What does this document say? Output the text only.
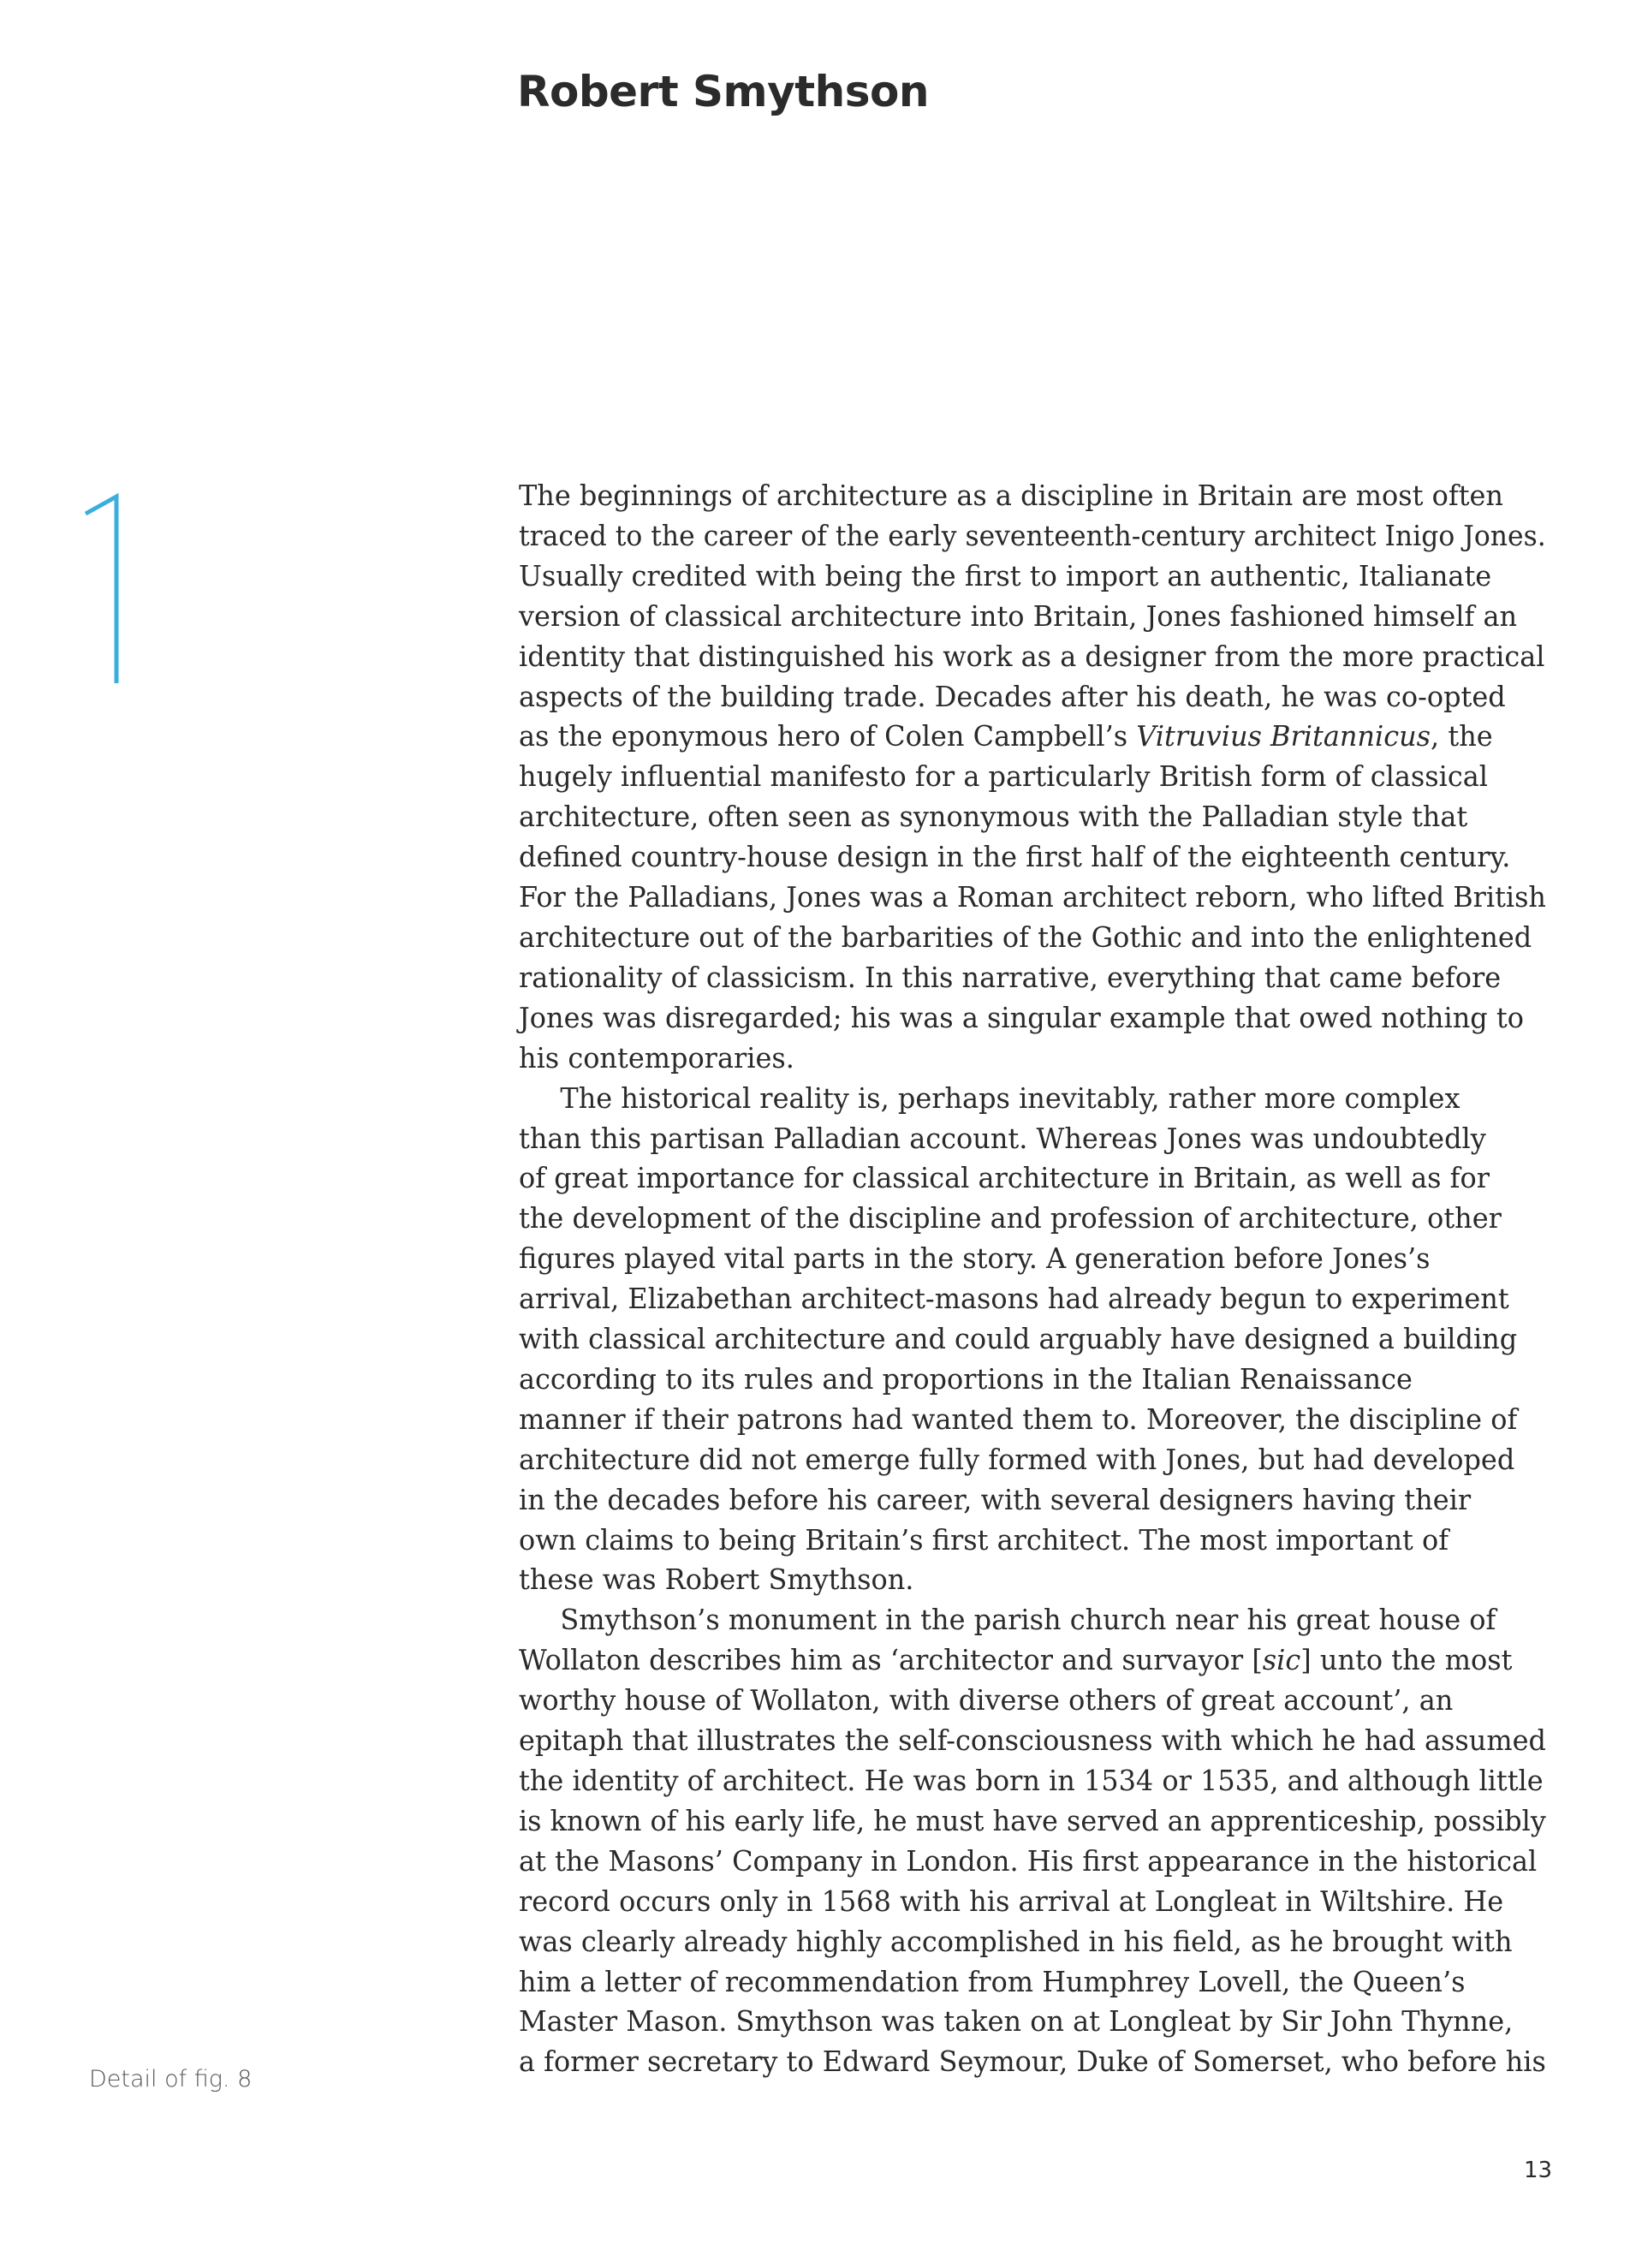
Robert Smythson
The beginnings of architecture as a discipline in Britain are most often
traced to the career of the early seventeenth-century architect Inigo Jones.
Usually credited with being the first to import an authentic, Italianate
version of classical architecture into Britain, Jones fashioned himself an
identity that distinguished his work as a designer from the more practical
aspects of the building trade. Decades after his death, he was co-opted
as the eponymous hero of Colen Campbell’s Vitruvius Britannicus, the
hugely influential manifesto for a particularly British form of classical
architecture, often seen as synonymous with the Palladian style that
defined country-house design in the first half of the eighteenth century.
For the Palladians, Jones was a Roman architect reborn, who lifted British
architecture out of the barbarities of the Gothic and into the enlightened
rationality of classicism. In this narrative, everything that came before
Jones was disregarded; his was a singular example that owed nothing to
his contemporaries.
The historical reality is, perhaps inevitably, rather more complex
than this partisan Palladian account. Whereas Jones was undoubtedly
of great importance for classical architecture in Britain, as well as for
the development of the discipline and profession of architecture, other
figures played vital parts in the story. A generation before Jones’s
arrival, Elizabethan architect-masons had already begun to experiment
with classical architecture and could arguably have designed a building
according to its rules and proportions in the Italian Renaissance
manner if their patrons had wanted them to. Moreover, the discipline of
architecture did not emerge fully formed with Jones, but had developed
in the decades before his career, with several designers having their
own claims to being Britain’s first architect. The most important of
these was Robert Smythson.
Smythson’s monument in the parish church near his great house of
Wollaton describes him as ‘architector and survayor [sic] unto the most
worthy house of Wollaton, with diverse others of great account’, an
epitaph that illustrates the self-consciousness with which he had assumed
the identity of architect. He was born in 1534 or 1535, and although little
is known of his early life, he must have served an apprenticeship, possibly
at the Masons’ Company in London. His first appearance in the historical
record occurs only in 1568 with his arrival at Longleat in Wiltshire. He
was clearly already highly accomplished in his field, as he brought with
him a letter of recommendation from Humphrey Lovell, the Queen’s
Master Mason. Smythson was taken on at Longleat by Sir John Thynne,
a former secretary to Edward Seymour, Duke of Somerset, who before his
Detail of fig. 8
13
